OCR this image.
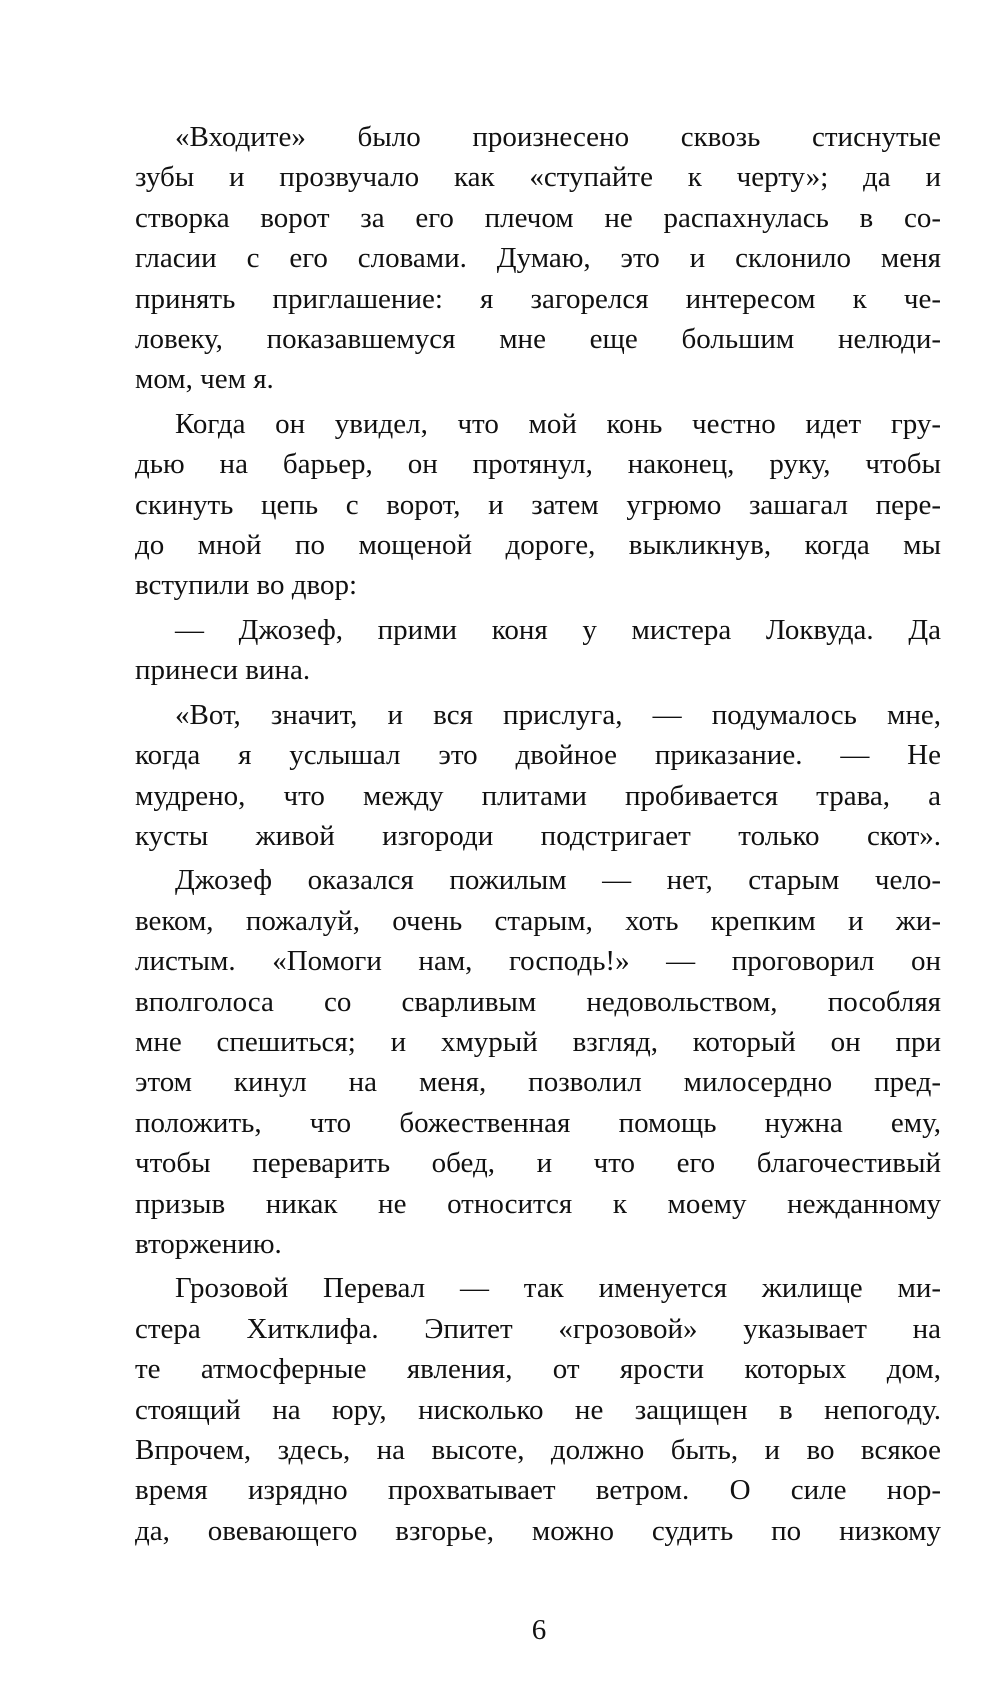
«Входите» было произнесено сквозь стиснутые
зубы и прозвучало как «ступайте к черту»; да и
створка ворот за его плечом не распахнулась в со-
гласии с его словами. Думаю, это и склонило меня
принять приглашение: я загорелся интересом к че-
ловеку, показавшемуся мне еще большим нелюди-
мом, чем я.
Когда он увидел, что мой конь честно идет гру-
дью на барьер, он протянул, наконец, руку, чтобы
скинуть цепь с ворот, и затем угрюмо зашагал пере-
до мной по мощеной дороге, выкликнув, когда мы
вступили во двор:
— Джозеф, прими коня у мистера Локвуда. Да
принеси вина.
«Вот, значит, и вся прислуга, — подумалось мне,
когда я услышал это двойное приказание. — Не
мудрено, что между плитами пробивается трава, а
кусты живой изгороди подстригает только скот».
Джозеф оказался пожилым — нет, старым чело-
веком, пожалуй, очень старым, хоть крепким и жи-
листым. «Помоги нам, господь!» — проговорил он
вполголоса со сварливым недовольством, пособляя
мне спешиться; и хмурый взгляд, который он при
этом кинул на меня, позволил милосердно пред-
положить, что божественная помощь нужна ему,
чтобы переварить обед, и что его благочестивый
призыв никак не относится к моему нежданному
вторжению.
Грозовой Перевал — так именуется жилище ми-
стера Хитклифа. Эпитет «грозовой» указывает на
те атмосферные явления, от ярости которых дом,
стоящий на юру, нисколько не защищен в непогоду.
Впрочем, здесь, на высоте, должно быть, и во всякое
время изрядно прохватывает ветром. О силе нор-
да, овевающего взгорье, можно судить по низкому
6
